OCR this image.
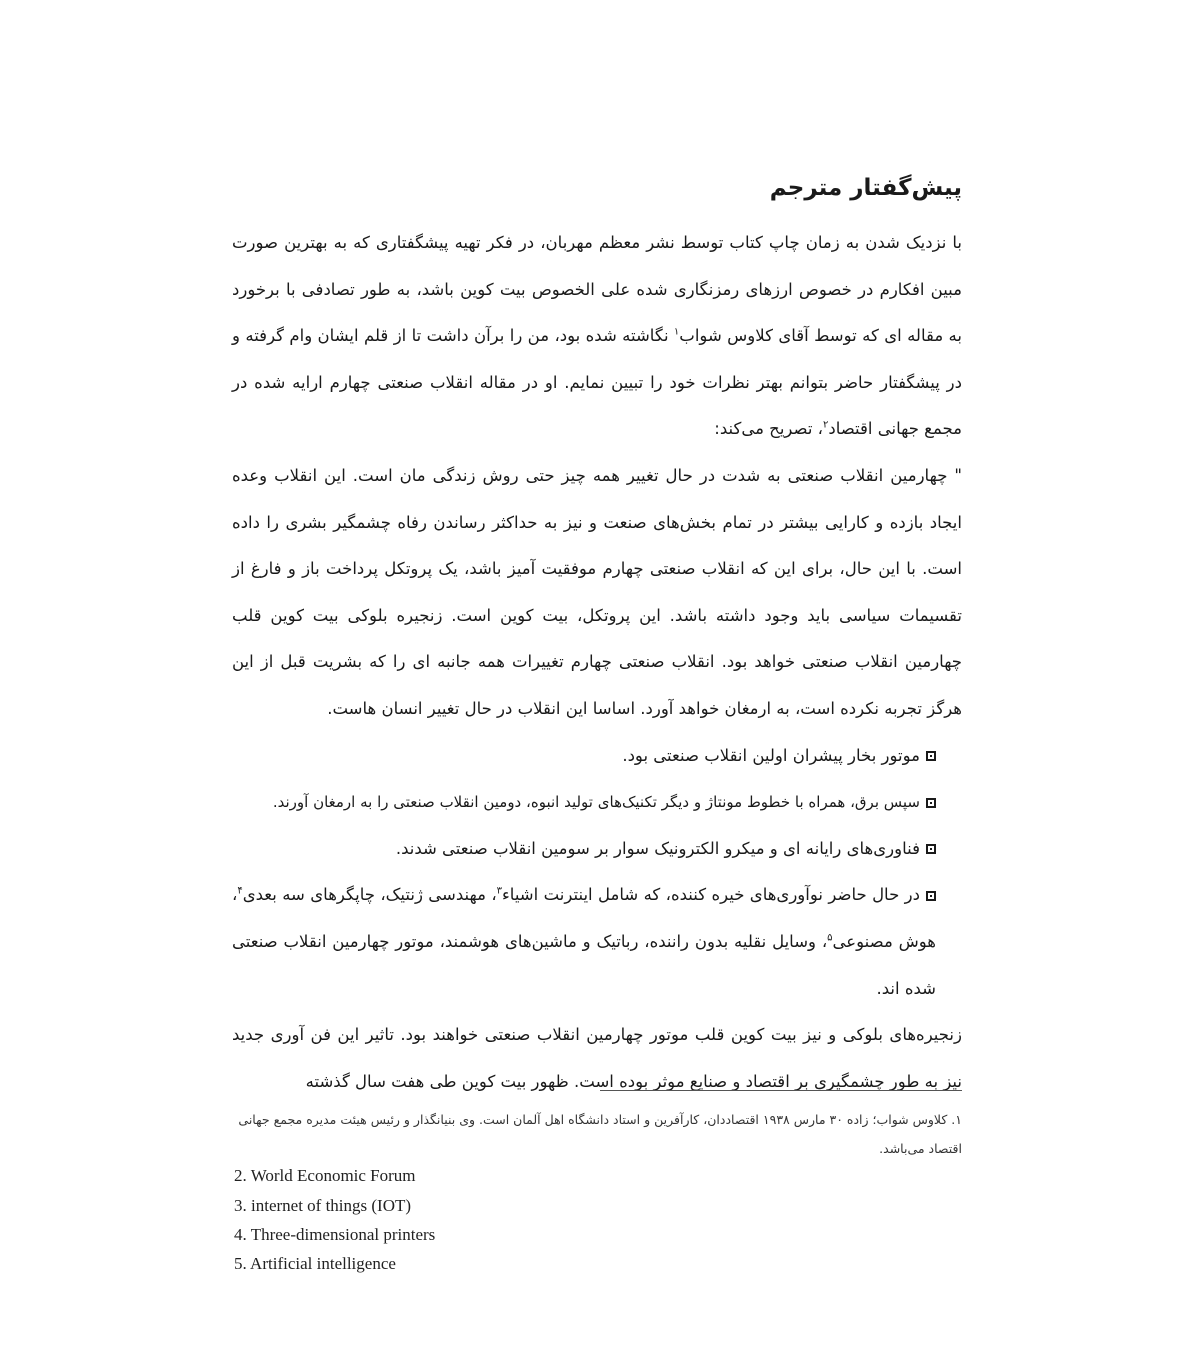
پیش‌گفتار مترجم

با نزدیک شدن به زمان چاپ کتاب توسط نشر معظم مهربان، در فکر تهیه پیشگفتاری که به بهترین صورت مبین افکارم در خصوص ارزهای رمزنگاری شده علی الخصوص بیت کوین باشد، به طور تصادفی با برخورد به مقاله ای که توسط آقای کلاوس شواب$^۱$ نگاشته شده بود، من را برآن داشت تا از قلم ایشان وام گرفته و در پیشگفتار حاضر بتوانم بهتر نظرات خود را تبیین نمایم. او در مقاله انقلاب صنعتی چهارم ارایه شده در مجمع جهانی اقتصاد$^۲$، تصریح می‌کند:

" چهارمین انقلاب صنعتی به شدت در حال تغییر همه چیز حتی روش زندگی مان است. این انقلاب وعده ایجاد بازده و کارایی بیشتر در تمام بخش‌های صنعت و نیز به حداکثر رساندن رفاه چشمگیر بشری را داده است. با این حال، برای این که انقلاب صنعتی چهارم موفقیت آمیز باشد، یک پروتکل پرداخت باز و فارغ از تقسیمات سیاسی باید وجود داشته باشد. این پروتکل، بیت کوین است. زنجیره بلوکی بیت کوین قلب چهارمین انقلاب صنعتی خواهد بود. انقلاب صنعتی چهارم تغییرات همه جانبه ای را که بشریت قبل از این هرگز تجربه نکرده است، به ارمغان خواهد آورد. اساسا این انقلاب در حال تغییر انسان هاست.

موتور بخار پیشران اولین انقلاب صنعتی بود.
سپس برق، همراه با خطوط مونتاژ و دیگر تکنیک‌های تولید انبوه، دومین انقلاب صنعتی را به ارمغان آورند.
فناوری‌های رایانه ای و میکرو الکترونیک سوار بر سومین انقلاب صنعتی شدند.
در حال حاضر نوآوری‌های خیره کننده، که شامل اینترنت اشیاء$^۳$، مهندسی ژنتیک، چاپگرهای سه بعدی$^۴$، هوش مصنوعی$^۵$، وسایل نقلیه بدون راننده، رباتیک و ماشین‌های هوشمند، موتور چهارمین انقلاب صنعتی شده اند.

زنجیره‌های بلوکی و نیز بیت کوین قلب موتور چهارمین انقلاب صنعتی خواهند بود. تاثیر این فن آوری جدید نیز به طور چشمگیری بر اقتصاد و صنایع موثر بوده است. ظهور بیت کوین طی هفت سال گذشته

۱. کلاوس شواب؛ زاده ۳۰ مارس ۱۹۳۸ اقتصاددان، کارآفرین و استاد دانشگاه اهل آلمان است. وی بنیانگذار و رئیس هیئت مدیره مجمع جهانی اقتصاد می‌باشد.
2. World Economic Forum
3. internet of things (IOT)
4. Three-dimensional printers
5. Artificial intelligence
